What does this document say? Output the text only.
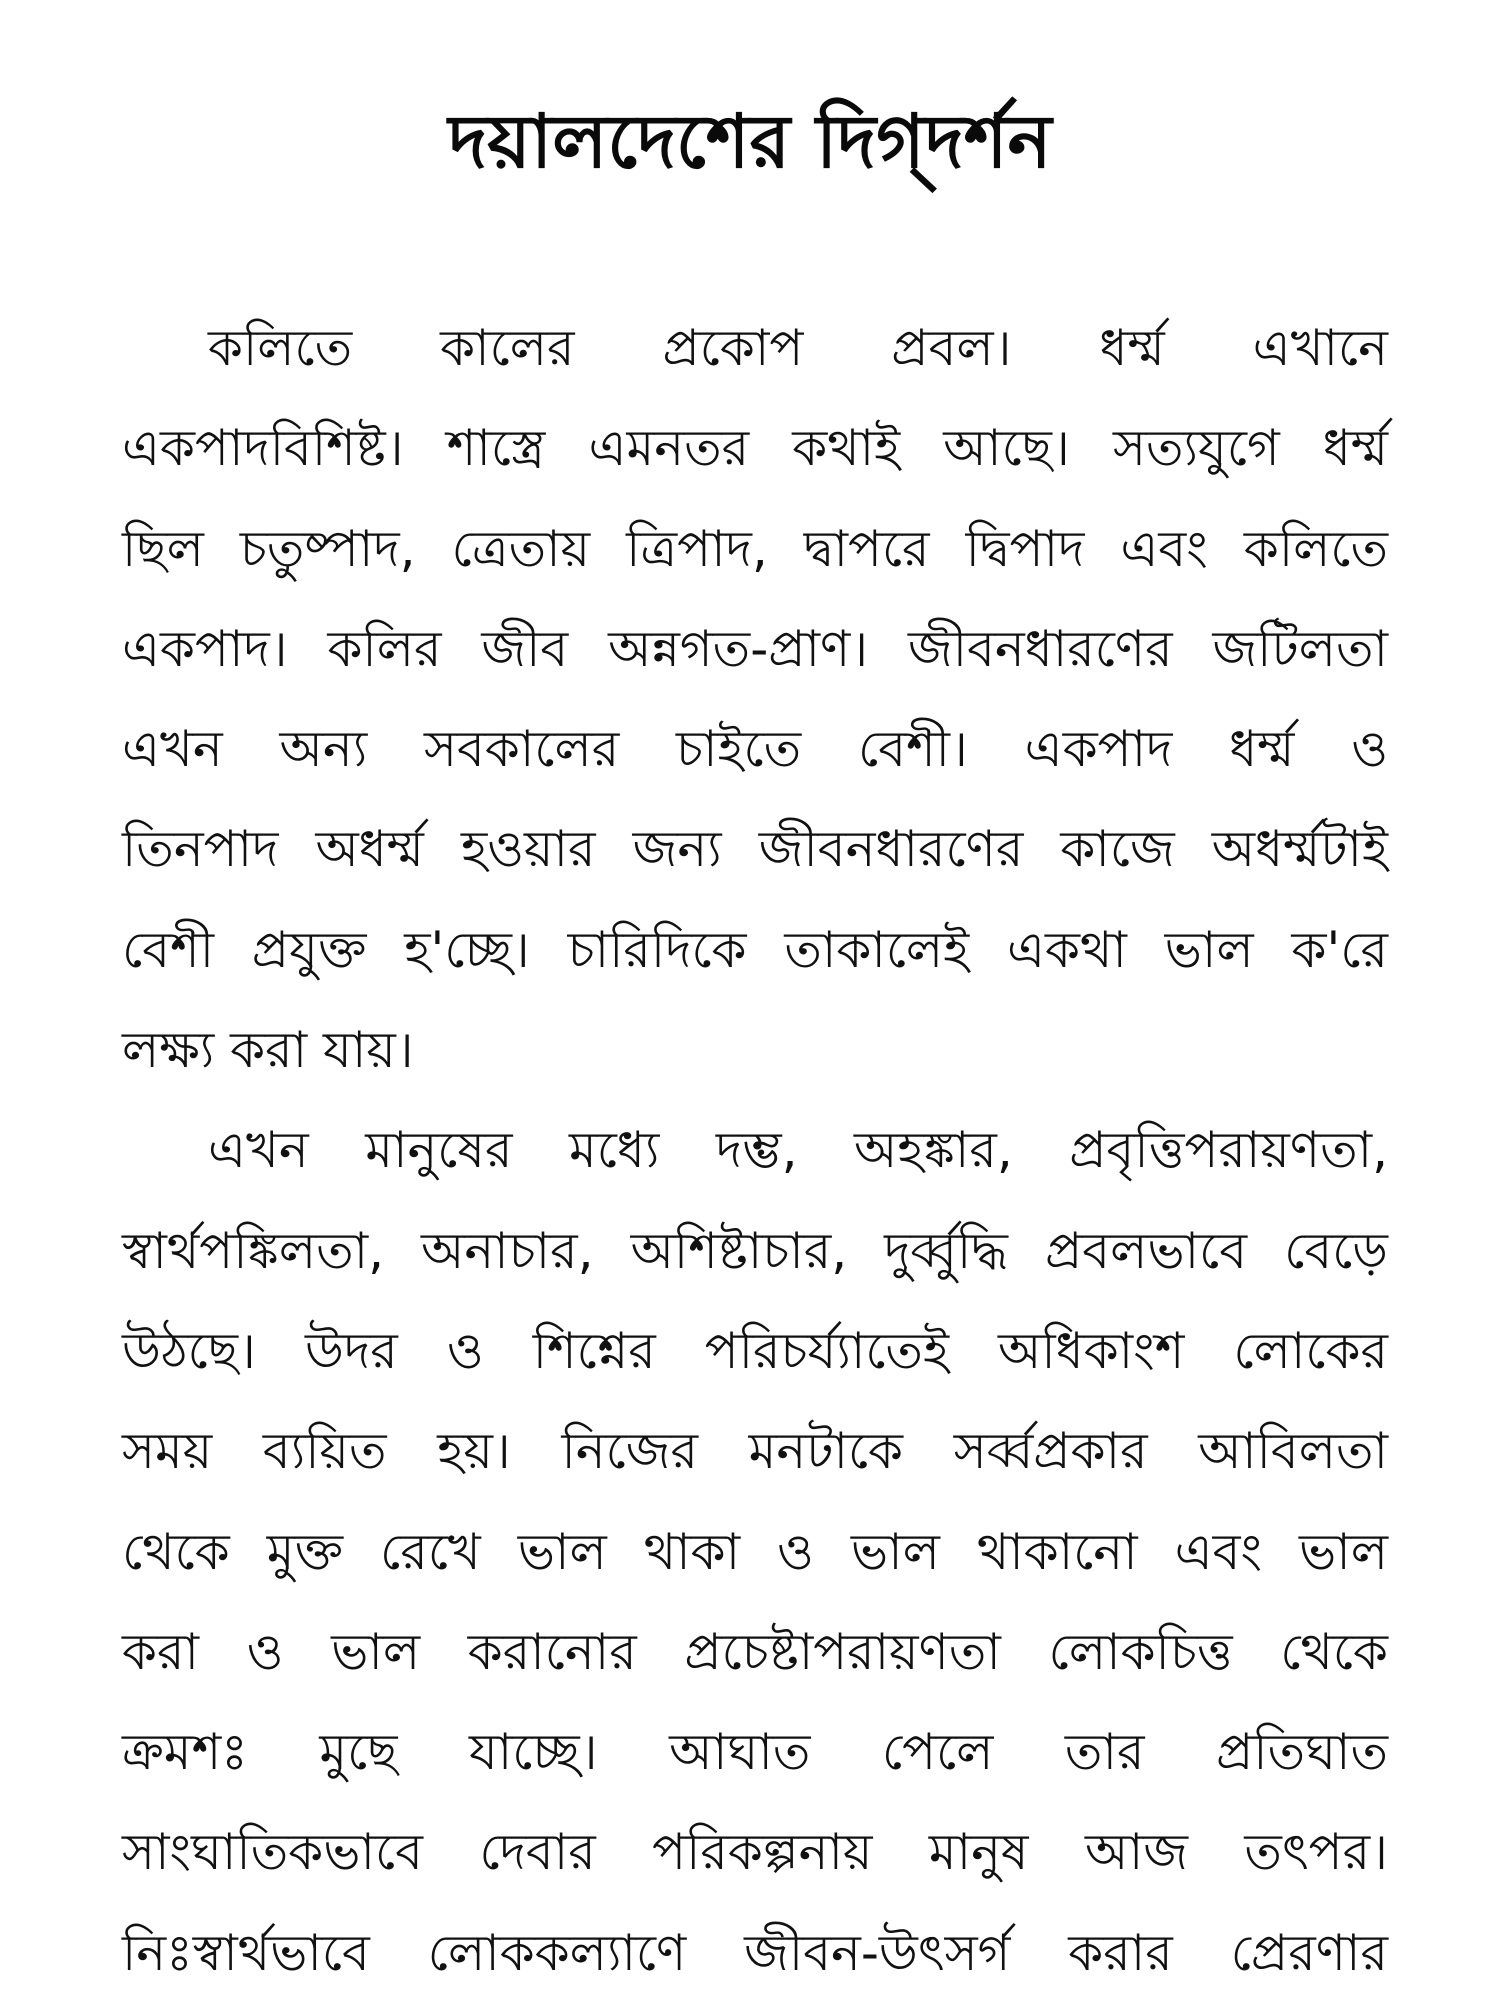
দয়ালদেশের দিগ্‌দর্শন
কলিতে কালের প্রকোপ প্রবল। ধর্ম্ম এখানে
একপাদবিশিষ্ট। শাস্ত্রে এমনতর কথাই আছে। সত্যযুগে ধর্ম্ম
ছিল চতুষ্পাদ, ত্রেতায় ত্রিপাদ, দ্বাপরে দ্বিপাদ এবং কলিতে
একপাদ। কলির জীব অন্নগত-প্রাণ। জীবনধারণের জটিলতা
এখন অন্য সবকালের চাইতে বেশী। একপাদ ধর্ম্ম ও
তিনপাদ অধর্ম্ম হওয়ার জন্য জীবনধারণের কাজে অধর্ম্মটাই
বেশী প্রযুক্ত হ'চ্ছে। চারিদিকে তাকালেই একথা ভাল ক'রে
লক্ষ্য করা যায়।
এখন মানুষের মধ্যে দম্ভ, অহঙ্কার, প্রবৃত্তিপরায়ণতা,
স্বার্থপঙ্কিলতা, অনাচার, অশিষ্টাচার, দুর্ব্বুদ্ধি প্রবলভাবে বেড়ে
উঠছে। উদর ও শিশ্নের পরিচর্য্যাতেই অধিকাংশ লোকের
সময় ব্যয়িত হয়। নিজের মনটাকে সর্ব্বপ্রকার আবিলতা
থেকে মুক্ত রেখে ভাল থাকা ও ভাল থাকানো এবং ভাল
করা ও ভাল করানোর প্রচেষ্টাপরায়ণতা লোকচিত্ত থেকে
ক্রমশঃ মুছে যাচ্ছে। আঘাত পেলে তার প্রতিঘাত
সাংঘাতিকভাবে দেবার পরিকল্পনায় মানুষ আজ তৎপর।
নিঃস্বার্থভাবে লোককল্যাণে জীবন-উৎসর্গ করার প্রেরণার
